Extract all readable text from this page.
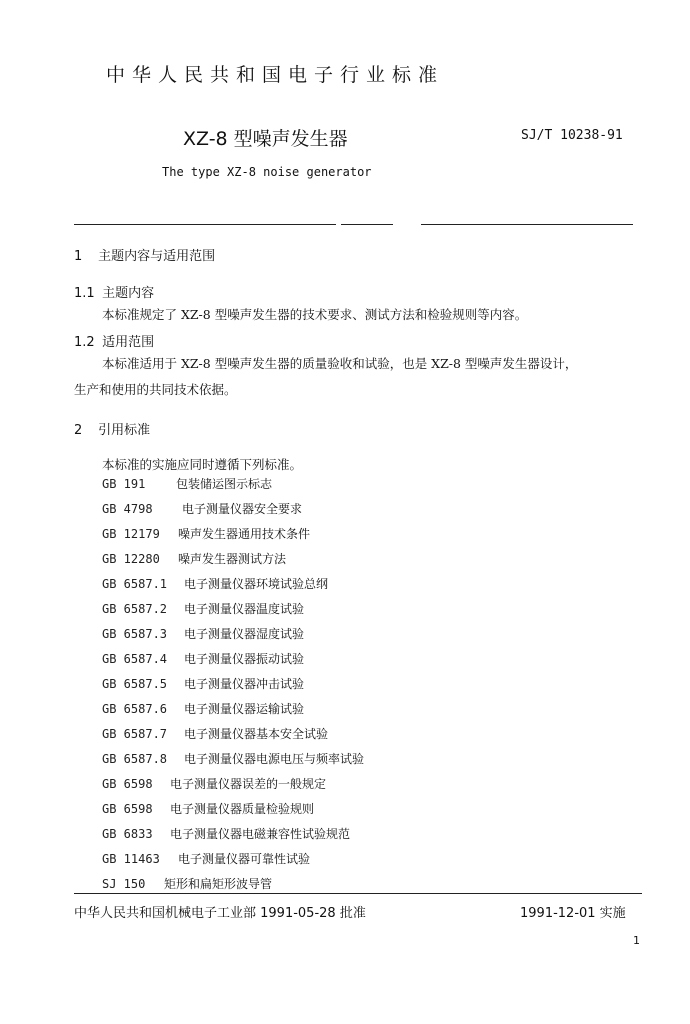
中华人民共和国电子行业标准
XZ-8 型噪声发生器	SJ/T 10238-91
The type XZ-8 noise generator
1 主题内容与适用范围
1.1 主题内容
本标准规定了 XZ-8 型噪声发生器的技术要求、测试方法和检验规则等内容。
1.2 适用范围
本标准适用于 XZ-8 型噪声发生器的质量验收和试验，也是 XZ-8 型噪声发生器设计，
生产和使用的共同技术依据。
2 引用标准
本标准的实施应同时遵循下列标准。
GB 191	包装储运图示标志
GB 4798 电子测量仪器安全要求
GB 12179 噪声发生器通用技术条件
GB 12280 噪声发生器测试方法
GB 6587.1 电子测量仪器环境试验总纲
GB 6587.2 电子测量仪器温度试验
GB 6587.3 电子测量仪器湿度试验
GB 6587.4 电子测量仪器振动试验
GB 6587.5 电子测量仪器冲击试验
GB 6587.6 电子测量仪器运输试验
GB 6587.7 电子测量仪器基本安全试验
GB 6587.8 电子测量仪器电源电压与频率试验
GB 6598 电子测量仪器误差的一般规定
GB 6598 电子测量仪器质量检验规则
GB 6833 电子测量仪器电磁兼容性试验规范
GB 11463 电子测量仪器可靠性试验
SJ 150 矩形和扁矩形波导管
中华人民共和国机械电子工业部 1991-05-28 批准	1991-12-01 实施
1
